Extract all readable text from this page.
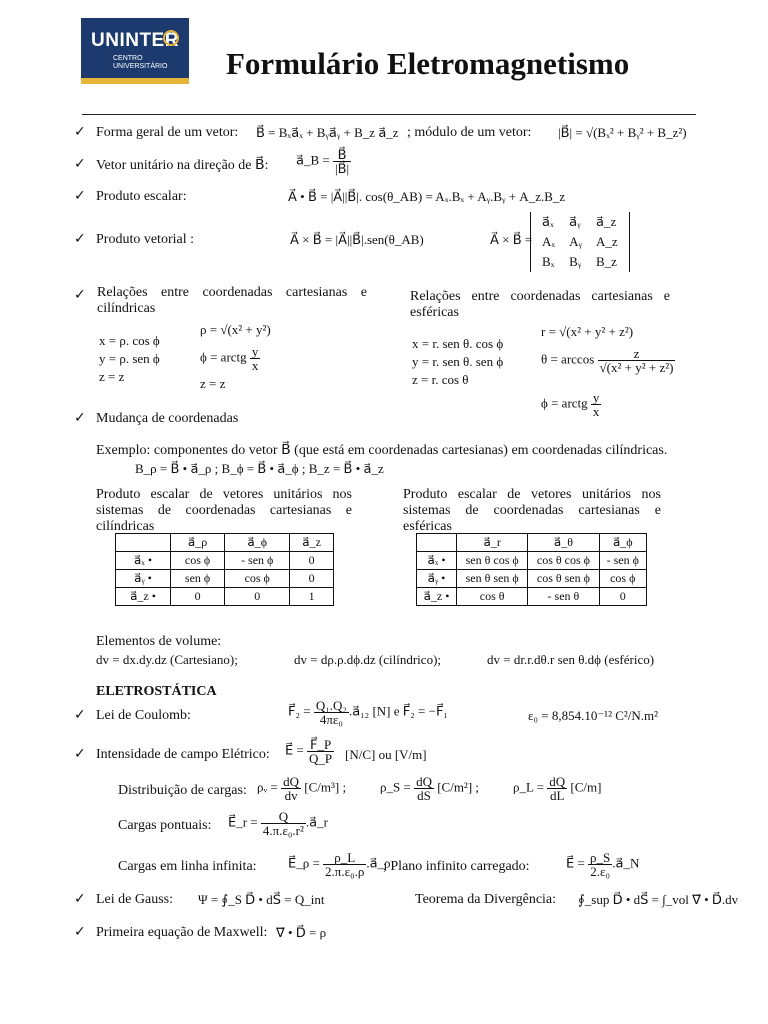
UNINTER
CENTRO
UNIVERSITÁRIO Formulário Eletromagnetismo
✓ Forma geral de um vetor: B⃗ = Bₓa⃗ₓ + Bᵧa⃗ᵧ + B_z a⃗_z ; módulo de um vetor: |B⃗| = √(Bₓ² + Bᵧ² + B_z²)
✓ Vetor unitário na direção de B⃗: a⃗_B = $\frac{B⃗}{|B⃗|}$
✓ Produto escalar:	A⃗ • B⃗ = |A⃗||B⃗|. cos(θ_AB) = Aₓ.Bₓ + Aᵧ.Bᵧ + A_z.B_z
✓ Produto vetorial :	A⃗ × B⃗ = |A⃗||B⃗|.sen(θ_AB)	A⃗ × B⃗ =
a⃗ₓ	a⃗ᵧ	a⃗_z
Aₓ	Aᵧ	A_z
Bₓ	Bᵧ	B_z
✓ Relações entre coordenadas cartesianas e cilíndricas
x = ρ. cos ϕ
y = ρ. sen ϕ
z = z
ρ = √(x² + y²)
ϕ = arctg $\frac{y}{x}$
z = z
Relações entre coordenadas cartesianas e esféricas
x = r. sen θ. cos ϕ
y = r. sen θ. sen ϕ
z = r. cos θ
r = √(x² + y² + z²)
$\theta = \arccos \frac{z}{\text{√(x² + y² + z²)}}$
ϕ = arctg $\frac{y}{x}$
✓ Mudança de coordenadas
Exemplo: componentes do vetor B⃗ (que está em coordenadas cartesianas) em coordenadas cilíndricas.
B_ρ = B⃗ • a⃗_ρ ; B_ϕ = B⃗ • a⃗_ϕ ; B_z = B⃗ • a⃗_z
Produto escalar de vetores unitários nos sistemas de coordenadas cartesianas e cilíndricas
	a⃗_ρ	a⃗_ϕ	a⃗_z
a⃗ₓ •	cos ϕ	- sen ϕ	0
a⃗ᵧ •	sen ϕ	cos ϕ	0
a⃗_z •	0	0	1
Produto escalar de vetores unitários nos sistemas de coordenadas cartesianas e esféricas
	a⃗_r	a⃗_θ	a⃗_ϕ
a⃗ₓ •	sen θ cos ϕ	cos θ cos ϕ	- sen ϕ
a⃗ᵧ •	sen θ sen ϕ	cos θ sen ϕ	cos ϕ
a⃗_z •	cos θ	- sen θ	0
Elementos de volume:
dv = dx.dy.dz (Cartesiano);	dv = dρ.ρ.dϕ.dz (cilíndrico);	dv = dr.r.dθ.r sen θ.dϕ (esférico)
ELETROSTÁTICA
✓ Lei de Coulomb:	F⃗₂ = $\frac{\text{Q₁.Q₂}}{\text{4πε₀}}$ .a⃗₁₂ [N] e F⃗₂ = −F⃗₁	ε₀ = 8,854.10⁻¹² C²/N.m²
✓ Intensidade de campo Elétrico: E⃗ = $\frac{F⃗\_P}{Q\_P} [N/C]$ ou [V/m]
Distribuição de cargas: ρᵥ = $\frac{dQ}{dv} [C/m^3]$ ;	ρ_S = $\frac{dQ}{dS} [C/m^2]$ ;	ρ_L = $\frac{dQ}{dL} [C/m]$
Cargas pontuais: E⃗_r = $\frac{Q}{\text{4.π.ε₀.r²}}$ .a⃗_r
Cargas em linha infinita: E⃗_ρ = $\frac{\rho\_L}{\text{2.π.ε₀.ρ}}$ .a⃗_ρ
; Plano infinito carregado:	E⃗ = $\frac{\rho\_S}{\text{2.ε₀}}$ .a⃗_N
✓ Lei de Gauss: Ψ = ∮_S D⃗ • dS⃗ = Q_int	Teorema da Divergência: ∮_sup D⃗ • dS⃗ = ∫_vol ∇⃗ • D⃗.dv
✓ Primeira equação de Maxwell: ∇⃗ • D⃗ = ρ
